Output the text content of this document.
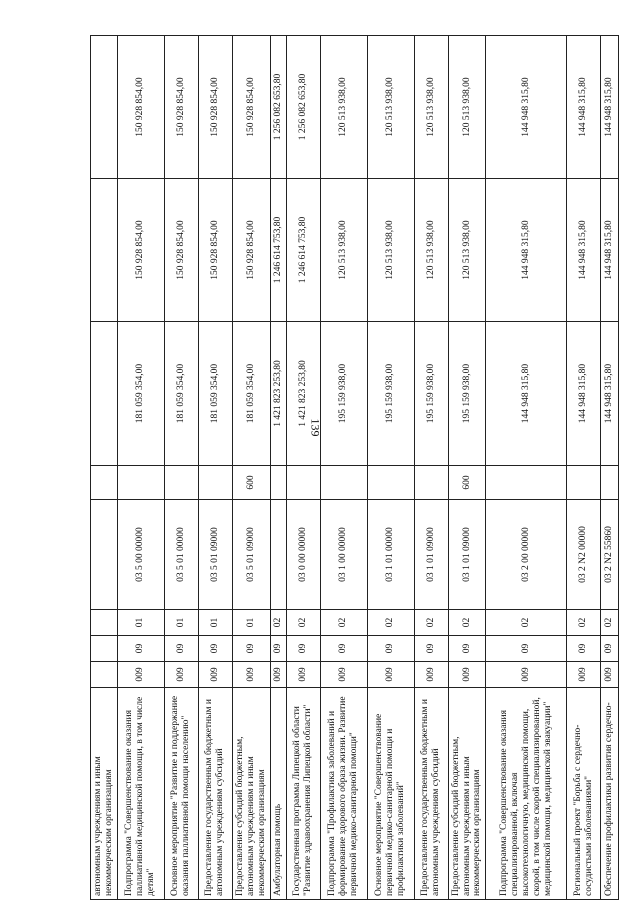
139
автономным учреждениям и иным некоммерческим организациям								
Подпрограмма "Совершенствование оказания паллиативной медицинской помощи, в том числе детям"	009	09	01	03 5 00 00000		181 059 354,00	150 928 854,00	150 928 854,00
Основное мероприятие "Развитие и поддержание оказания паллиативной помощи населению"	009	09	01	03 5 01 00000		181 059 354,00	150 928 854,00	150 928 854,00
Предоставление государственным бюджетным и автономным учреждениям субсидий	009	09	01	03 5 01 09000		181 059 354,00	150 928 854,00	150 928 854,00
Предоставление субсидий бюджетным, автономным учреждениям и иным некоммерческим организациям	009	09	01	03 5 01 09000	600	181 059 354,00	150 928 854,00	150 928 854,00
Амбулаторная помощь	009	09	02			1 421 823 253,80	1 246 614 753,80	1 256 082 653,80
Государственная программа Липецкой области "Развитие здравоохранения Липецкой области"	009	09	02	03 0 00 00000		1 421 823 253,80	1 246 614 753,80	1 256 082 653,80
Подпрограмма "Профилактика заболеваний и формирование здорового образа жизни. Развитие первичной медико-санитарной помощи"	009	09	02	03 1 00 00000		195 159 938,00	120 513 938,00	120 513 938,00
Основное мероприятие "Совершенствование первичной медико-санитарной помощи и профилактики заболеваний"	009	09	02	03 1 01 00000		195 159 938,00	120 513 938,00	120 513 938,00
Предоставление государственным бюджетным и автономным учреждениям субсидий	009	09	02	03 1 01 09000		195 159 938,00	120 513 938,00	120 513 938,00
Предоставление субсидий бюджетным, автономным учреждениям и иным некоммерческим организациям	009	09	02	03 1 01 09000	600	195 159 938,00	120 513 938,00	120 513 938,00
Подпрограмма "Совершенствование оказания специализированной, включая высокотехнологичную, медицинской помощи, скорой, в том числе скорой специализированной, медицинской помощи, медицинской эвакуации"	009	09	02	03 2 00 00000		144 948 315,80	144 948 315,80	144 948 315,80
Региональный проект "Борьба с сердечно-сосудистыми заболеваниями"	009	09	02	03 2 N2 00000		144 948 315,80	144 948 315,80	144 948 315,80
Обеспечение профилактики развития сердечно-	009	09	02	03 2 N2 55860		144 948 315,80	144 948 315,80	144 948 315,80
